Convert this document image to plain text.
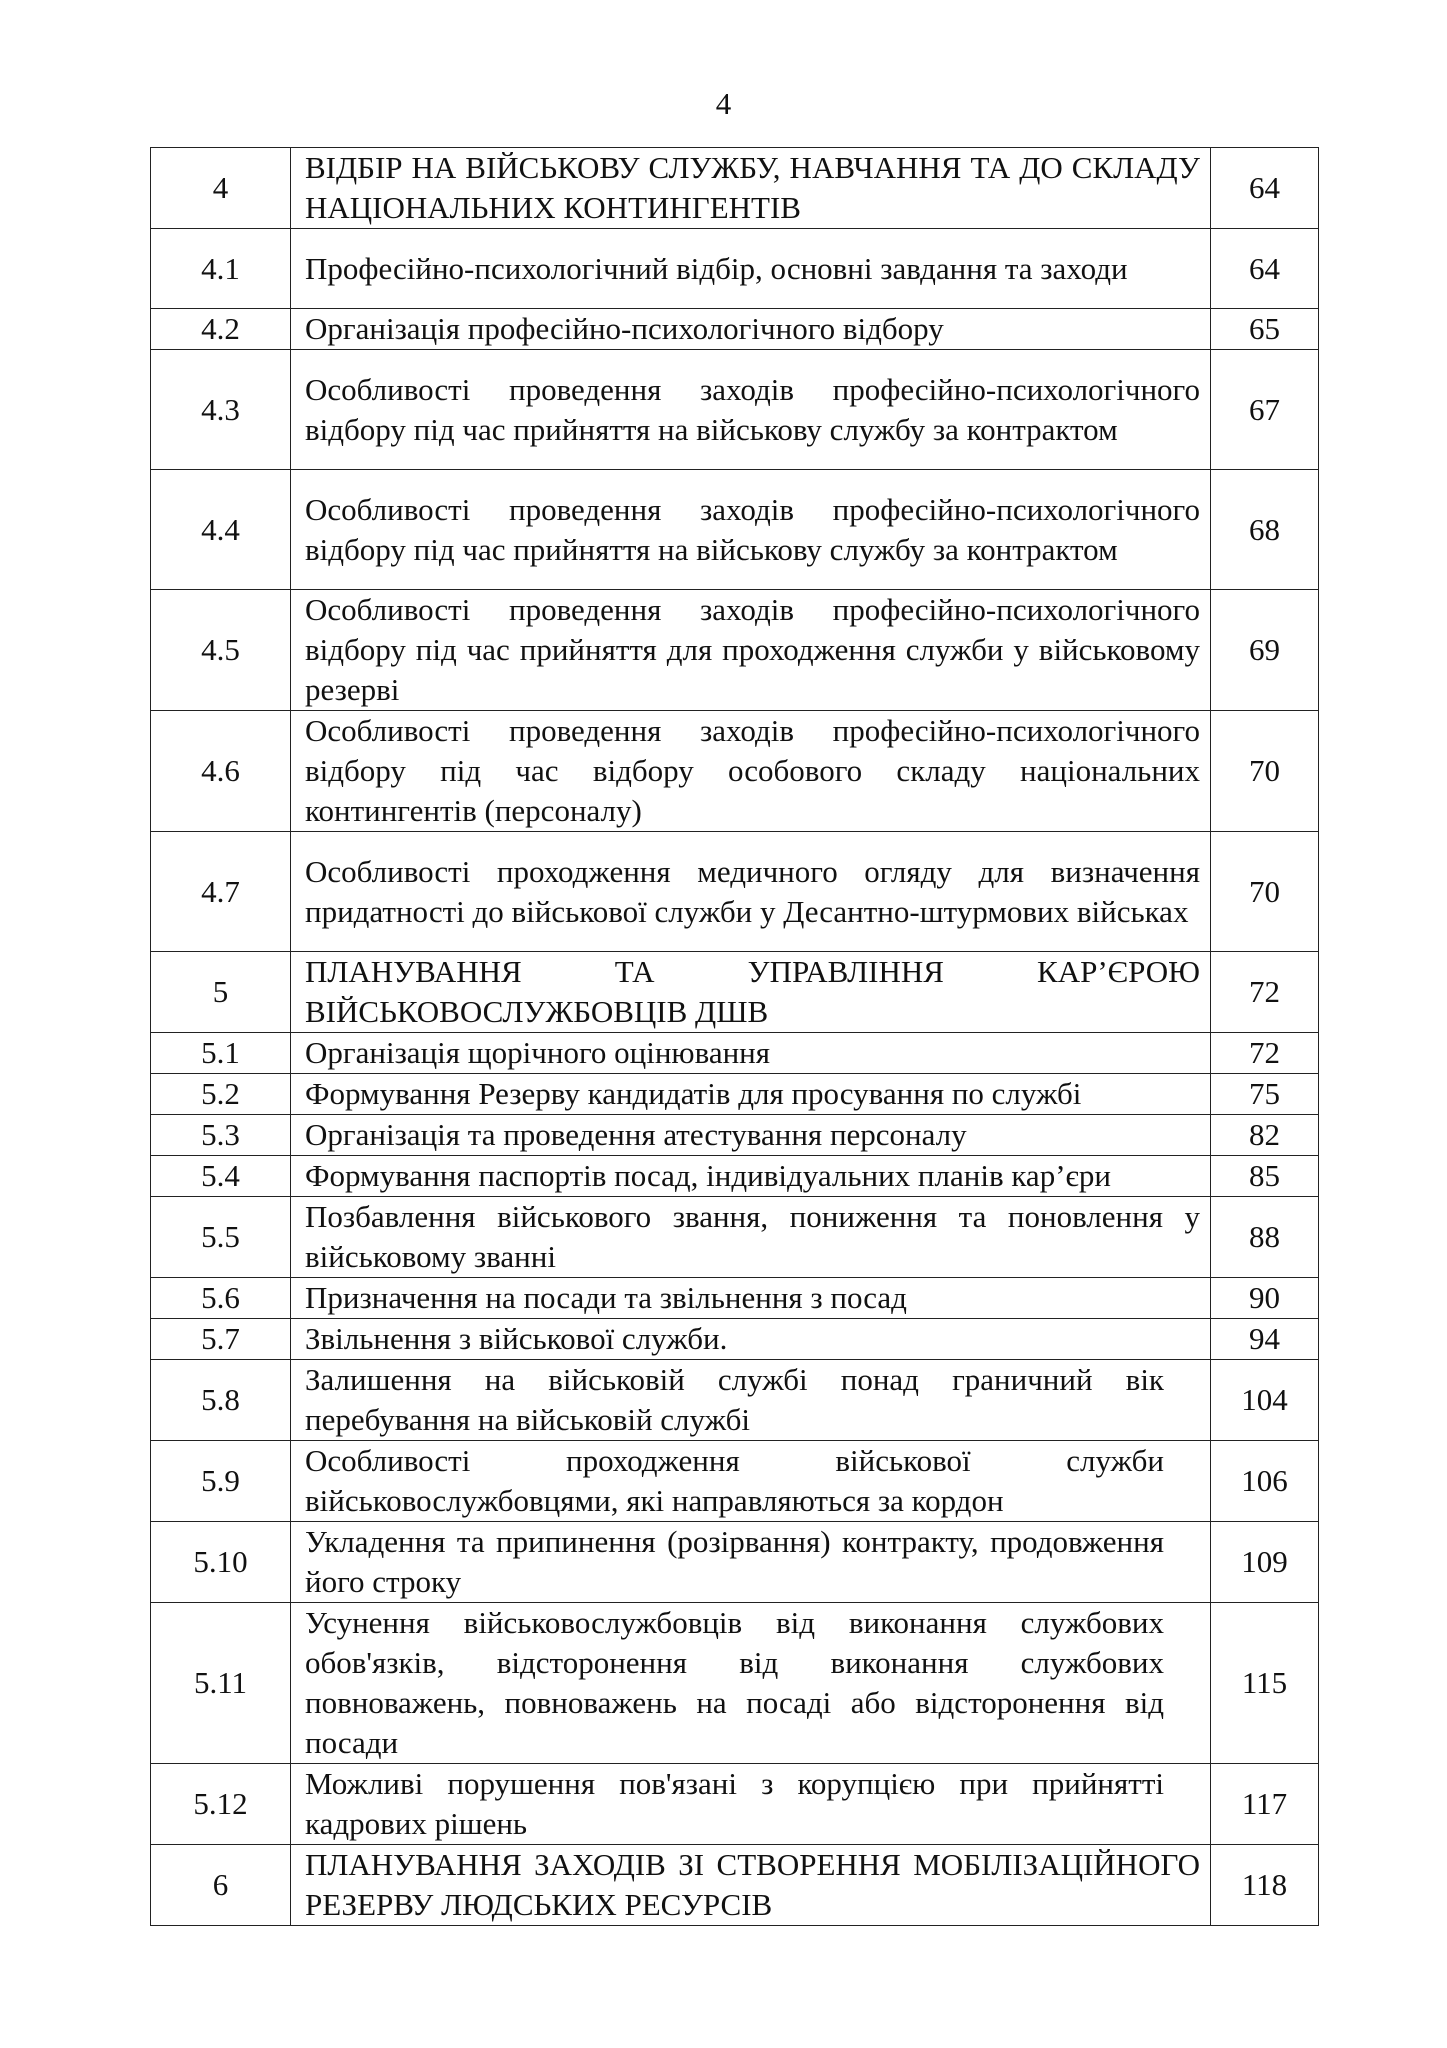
4
4	ВІДБІР НА ВІЙСЬКОВУ СЛУЖБУ, НАВЧАННЯ ТА ДО СКЛАДУ НАЦІОНАЛЬНИХ КОНТИНГЕНТІВ	64
4.1	Професійно-психологічний відбір, основні завдання та заходи	64
4.2	Організація професійно-психологічного відбору	65
4.3	Особливості проведення заходів професійно-психологічного відбору під час прийняття на військову службу за контрактом	67
4.4	Особливості проведення заходів професійно-психологічного відбору під час прийняття на військову службу за контрактом	68
4.5	Особливості проведення заходів професійно-психологічного відбору під час прийняття для проходження служби у військовому резерві	69
4.6	Особливості проведення заходів професійно-психологічного відбору під час відбору особового складу національних контингентів (персоналу)	70
4.7	Особливості проходження медичного огляду для визначення придатності до військової служби у Десантно-штурмових військах	70
5	ПЛАНУВАННЯ ТА УПРАВЛІННЯ КАР’ЄРОЮ ВІЙСЬКОВОСЛУЖБОВЦІВ ДШВ	72
5.1	Організація щорічного оцінювання	72
5.2	Формування Резерву кандидатів для просування по службі	75
5.3	Організація та проведення атестування персоналу	82
5.4	Формування паспортів посад, індивідуальних планів кар’єри	85
5.5	Позбавлення військового звання, пониження та поновлення у військовому званні	88
5.6	Призначення на посади та звільнення з посад	90
5.7	Звільнення з військової служби.	94
5.8	Залишення на військовій службі понад граничний вік перебування на військовій службі	104
5.9	Особливості проходження військової служби військовослужбовцями, які направляються за кордон	106
5.10	Укладення та припинення (розірвання) контракту, продовження його строку	109
5.11	Усунення військовослужбовців від виконання службових обов'язків, відсторонення від виконання службових повноважень, повноважень на посаді або відсторонення від посади	115
5.12	Можливі порушення пов'язані з корупцією при прийнятті кадрових рішень	117
6	ПЛАНУВАННЯ ЗАХОДІВ ЗІ СТВОРЕННЯ МОБІЛІЗАЦІЙНОГО РЕЗЕРВУ ЛЮДСЬКИХ РЕСУРСІВ	118
